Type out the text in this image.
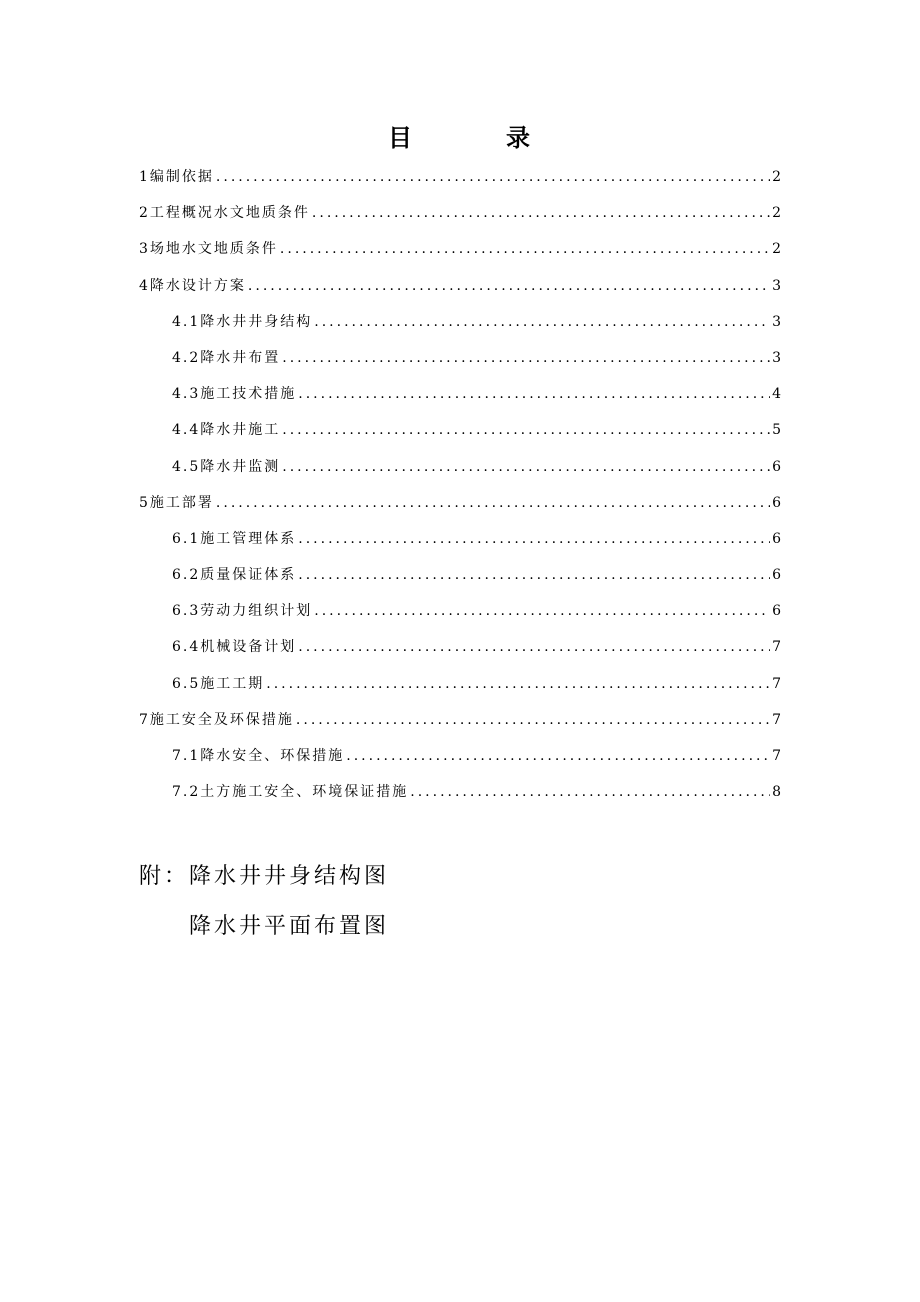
目	录
1编制依据 .....	2
2工程概况水文地质条件 .....	2
3场地水文地质条件 .....	2
4降水设计方案 .....	3
4.1降水井井身结构 .....	3
4.2降水井布置 .....	3
4.3施工技术措施 .....	4
4.4降水井施工 .....	5
4.5降水井监测 .....	6
5施工部署 .....	6
6.1施工管理体系 .....	6
6.2质量保证体系 .....	6
6.3劳动力组织计划 .....	6
6.4机械设备计划 .....	7
6.5施工工期 .....	7
7施工安全及环保措施 .....	7
7.1降水安全、环保措施 .....	7
7.2土方施工安全、环境保证措施 .....	8
附：降水井井身结构图
降水井平面布置图
